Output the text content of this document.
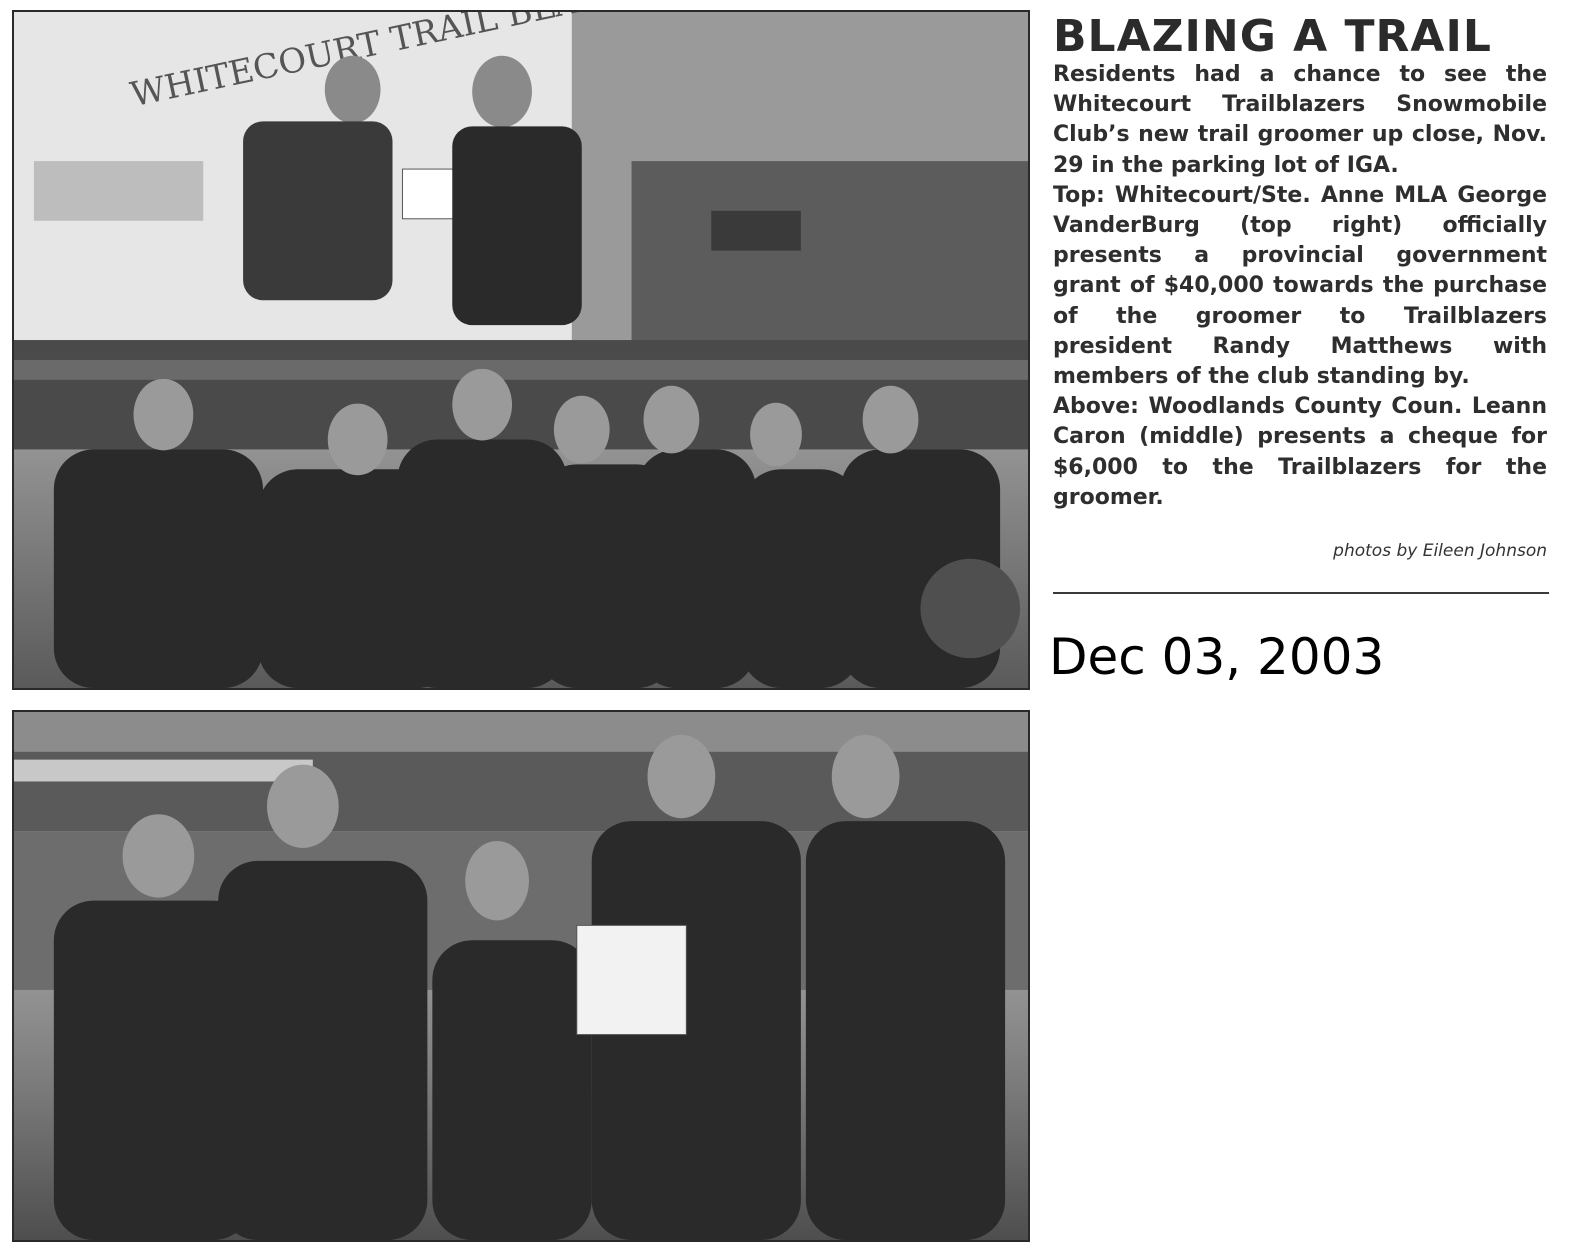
WHITECOURT TRAIL	BLAZING A TRAIL

Residents had a chance to see the Whitecourt Trailblazers Snowmobile Club’s new trail groomer up close, Nov. 29 in the parking lot of IGA.

Top: Whitecourt/Ste. Anne MLA George VanderBurg (top right) officially presents a provincial government grant of $40,000 towards the purchase of the groomer to Trailblazers president Randy Matthews with members of the club standing by.

Above: Woodlands County Coun. Leann Caron (middle) presents a cheque for $6,000 to the Trailblazers for the groomer.

photos by Eileen Johnson
Dec 03, 2003
